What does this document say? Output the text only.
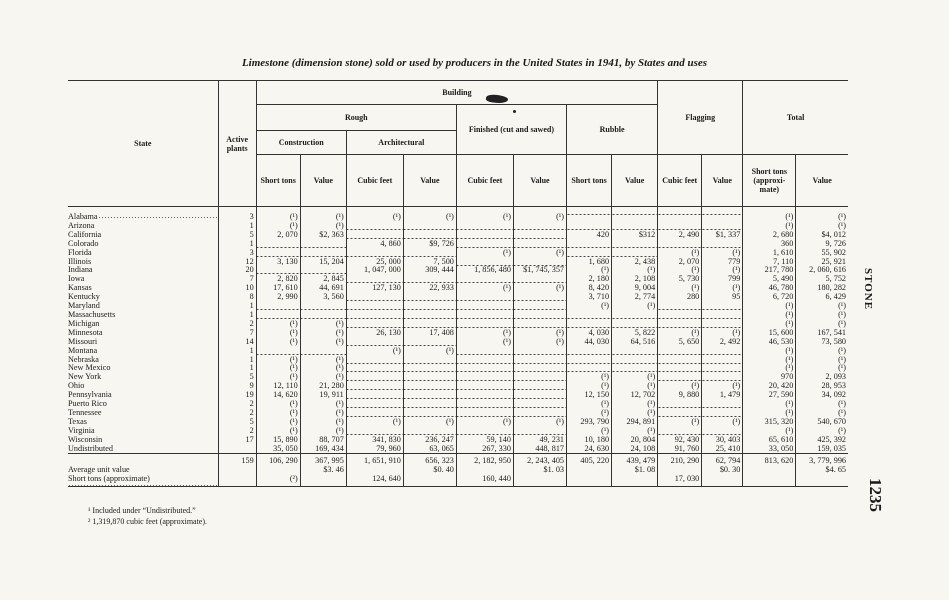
Limestone (dimension stone) sold or used by producers in the United States in 1941, by States and uses
STONE
1235
State	Active plants	Building								Flagging		Total	
		Rough				Finished (cut and sawed)		Rubble					
		Construction		Architectural									
		Short tons	Value	Cubic feet	Value	Cubic feet	Value	Short tons	Value	Cubic feet	Value	Short tons (approxi- mate)	Value
Alabama	3	(¹)	(¹)	(¹)	(¹)	(¹)	(¹)					(¹)	(¹)
Arizona	1	(¹)	(¹)									(¹)	(¹)
California	5	2, 070	$2, 363					420	$312	2, 490	$1, 337	2, 680	$4, 012
Colorado	1			4, 860	$9, 726							360	9, 726
Florida	3					(¹)	(¹)			(¹)	(¹)	1, 610	55, 902
Illinois	12	3, 130	15, 204	25, 000	7, 500			1, 680	2, 438	2, 070	779	7, 110	25, 921
Indiana	20			1, 047, 000	309, 444	1, 856, 480	$1, 745, 357	(¹)	(¹)	(¹)	(¹)	217, 780	2, 060, 616
Iowa	7	2, 820	2, 845					2, 180	2, 108	5, 730	799	5, 490	5, 752
Kansas	10	17, 610	44, 691	127, 130	22, 933	(¹)	(¹)	8, 420	9, 004	(¹)	(¹)	46, 780	180, 282
Kentucky	8	2, 990	3, 560					3, 710	2, 774	280	95	6, 720	6, 429
Maryland	1							(¹)	(¹)			(¹)	(¹)
Massachusetts	1											(¹)	(¹)
Michigan	2	(¹)	(¹)									(¹)	(¹)
Minnesota	7	(¹)	(¹)	26, 130	17, 408	(¹)	(¹)	4, 030	5, 822	(¹)	(¹)	15, 600	167, 541
Missouri	14	(¹)	(¹)			(¹)	(¹)	44, 030	64, 516	5, 650	2, 492	46, 530	73, 580
Montana	1			(¹)	(¹)							(¹)	(¹)
Nebraska	1	(¹)	(¹)									(¹)	(¹)
New Mexico	1	(¹)	(¹)									(¹)	(¹)
New York	5	(¹)	(¹)					(¹)	(¹)			970	2, 093
Ohio	9	12, 110	21, 280					(¹)	(¹)	(¹)	(¹)	20, 420	28, 953
Pennsylvania	19	14, 620	19, 911					12, 150	12, 702	9, 880	1, 479	27, 590	34, 092
Puerto Rico	2	(¹)	(¹)					(¹)	(¹)			(¹)	(¹)
Tennessee	2	(¹)	(¹)					(¹)	(¹)			(¹)	(¹)
Texas	5	(¹)	(¹)	(¹)	(¹)	(¹)	(¹)	293, 790	294, 891	(¹)	(¹)	315, 320	540, 670
Virginia	2	(¹)	(¹)					(¹)	(¹)			(¹)	(¹)
Wisconsin	17	15, 890	88, 707	341, 830	236, 247	59, 140	49, 231	10, 180	20, 804	92, 430	30, 403	65, 610	425, 392
Undistributed		35, 050	169, 434	79, 960	63, 065	267, 330	448, 817	24, 630	24, 108	91, 760	25, 410	33, 050	159, 035
	159	106, 290	367, 995	1, 651, 910	656, 323	2, 182, 950	2, 243, 405	405, 220	439, 479	210, 290	62, 794	813, 620	3, 779, 996
Average unit value			$3. 46		$0. 40		$1. 03		$1. 08		$0. 30		$4. 65
Short tons (approximate)		(²)		124, 640		160, 440				17, 030			
¹ Included under “Undistributed.”
² 1,319,870 cubic feet (approximate).
